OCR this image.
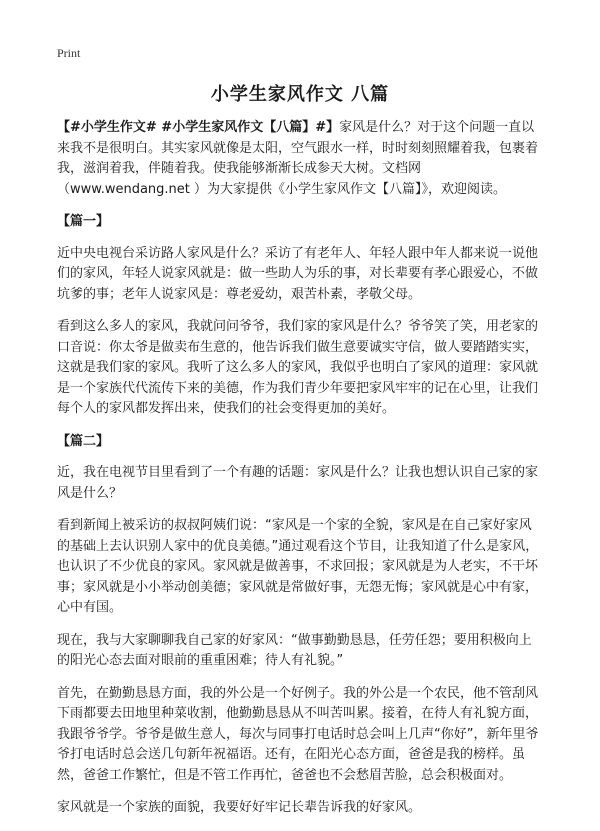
Print
小学生家风作文 八篇

【#小学生作文# #小学生家风作文【八篇】#】家风是什么？对于这个问题一直以来我不是很明白。其实家风就像是太阳，空气跟水一样，时时刻刻照耀着我，包裹着我，滋润着我，伴随着我。使我能够渐渐长成参天大树。文档网（www.wendang.net ）为大家提供《小学生家风作文【八篇】》，欢迎阅读。

【篇一】

近中央电视台采访路人家风是什么？采访了有老年人、年轻人跟中年人都来说一说他们的家风，年轻人说家风就是：做一些助人为乐的事，对长辈要有孝心跟爱心，不做坑爹的事；老年人说家风是：尊老爱幼，艰苦朴素，孝敬父母。

看到这么多人的家风，我就问问爷爷，我们家的家风是什么？爷爷笑了笑，用老家的口音说：你太爷是做卖布生意的，他告诉我们做生意要诚实守信，做人要踏踏实实，这就是我们家的家风。我听了这么多人的家风，我似乎也明白了家风的道理：家风就是一个家族代代流传下来的美德，作为我们青少年要把家风牢牢的记在心里，让我们每个人的家风都发挥出来，使我们的社会变得更加的美好。

【篇二】

近，我在电视节目里看到了一个有趣的话题：家风是什么？让我也想认识自己家的家风是什么？

看到新闻上被采访的叔叔阿姨们说：“家风是一个家的全貌，家风是在自己家好家风的基础上去认识别人家中的优良美德。”通过观看这个节目，让我知道了什么是家风，也认识了不少优良的家风。家风就是做善事，不求回报；家风就是为人老实，不干坏事；家风就是小小举动创美德；家风就是常做好事，无怨无悔；家风就是心中有家，心中有国。

现在，我与大家聊聊我自己家的好家风：“做事勤勤恳恳，任劳任怨；要用积极向上的阳光心态去面对眼前的重重困难；待人有礼貌。”

首先，在勤勤恳恳方面，我的外公是一个好例子。我的外公是一个农民，他不管刮风下雨都要去田地里种菜收割，他勤勤恳恳从不叫苦叫累。接着，在待人有礼貌方面，我跟爷爷学。爷爷是做生意人，每次与同事打电话时总会叫上几声“你好”，新年里爷爷打电话时总会送几句新年祝福语。还有，在阳光心态方面，爸爸是我的榜样。虽然，爸爸工作繁忙，但是不管工作再忙，爸爸也不会愁眉苦脸，总会积极面对。

家风就是一个家族的面貌，我要好好牢记长辈告诉我的好家风。
